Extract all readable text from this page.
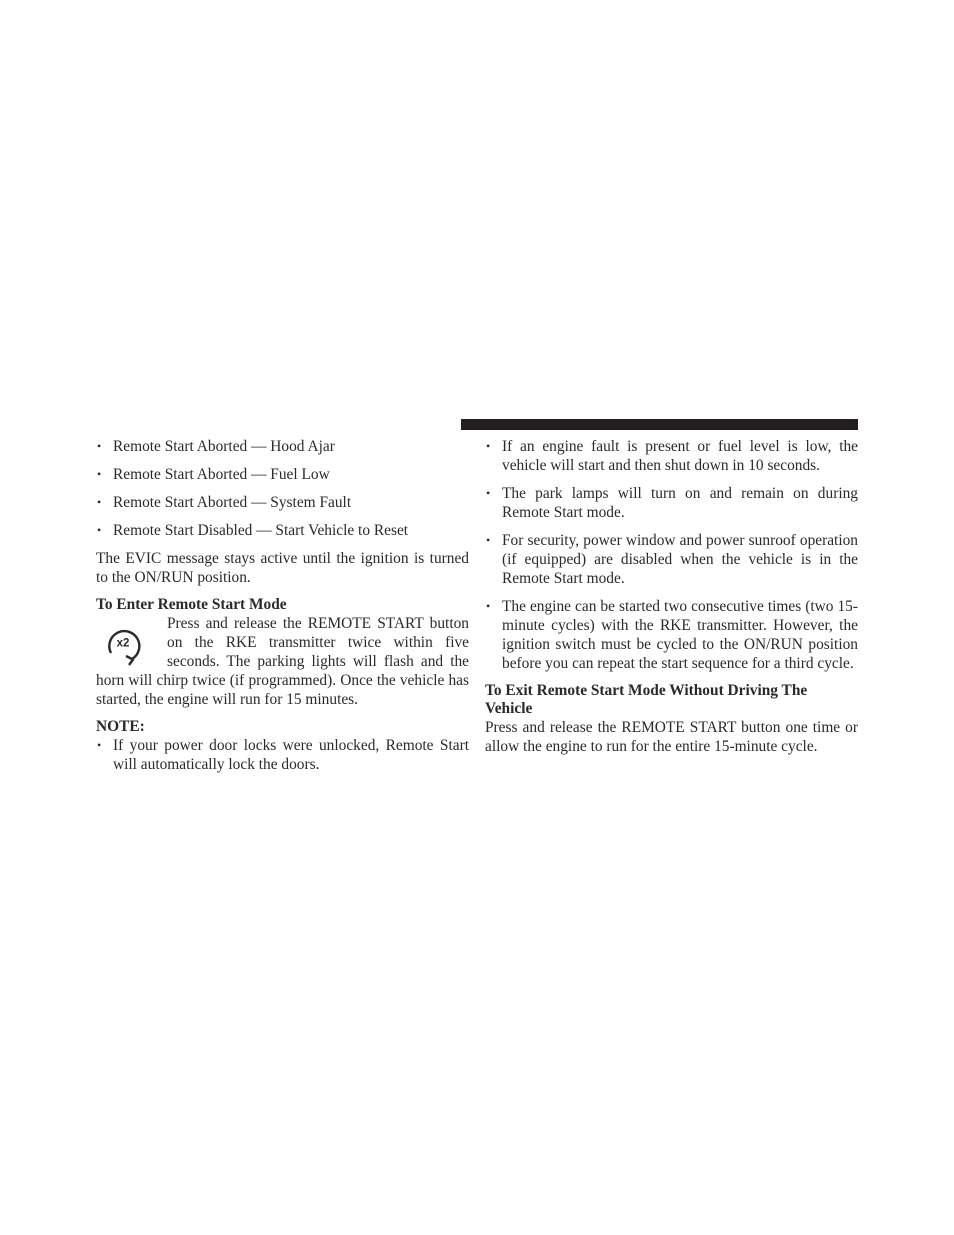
• Remote Start Aborted — Hood Ajar
• Remote Start Aborted — Fuel Low
• Remote Start Aborted — System Fault
• Remote Start Disabled — Start Vehicle to Reset

The EVIC message stays active until the ignition is turned to the ON/RUN position.

To Enter Remote Start Mode
x2

Press and release the REMOTE START button on the RKE transmitter twice within five seconds. The parking lights will flash and the horn will chirp twice (if programmed). Once the vehicle has started, the engine will run for 15 minutes.

NOTE:
• If your power door locks were unlocked, Remote Start will automatically lock the doors.
• If an engine fault is present or fuel level is low, the vehicle will start and then shut down in 10 seconds.
• The park lamps will turn on and remain on during Remote Start mode.
• For security, power window and power sunroof operation (if equipped) are disabled when the vehicle is in the Remote Start mode.
• The engine can be started two consecutive times (two 15-minute cycles) with the RKE transmitter. However, the ignition switch must be cycled to the ON/RUN position before you can repeat the start sequence for a third cycle.
To Exit Remote Start Mode Without Driving The Vehicle

Press and release the REMOTE START button one time or allow the engine to run for the entire 15-minute cycle.
